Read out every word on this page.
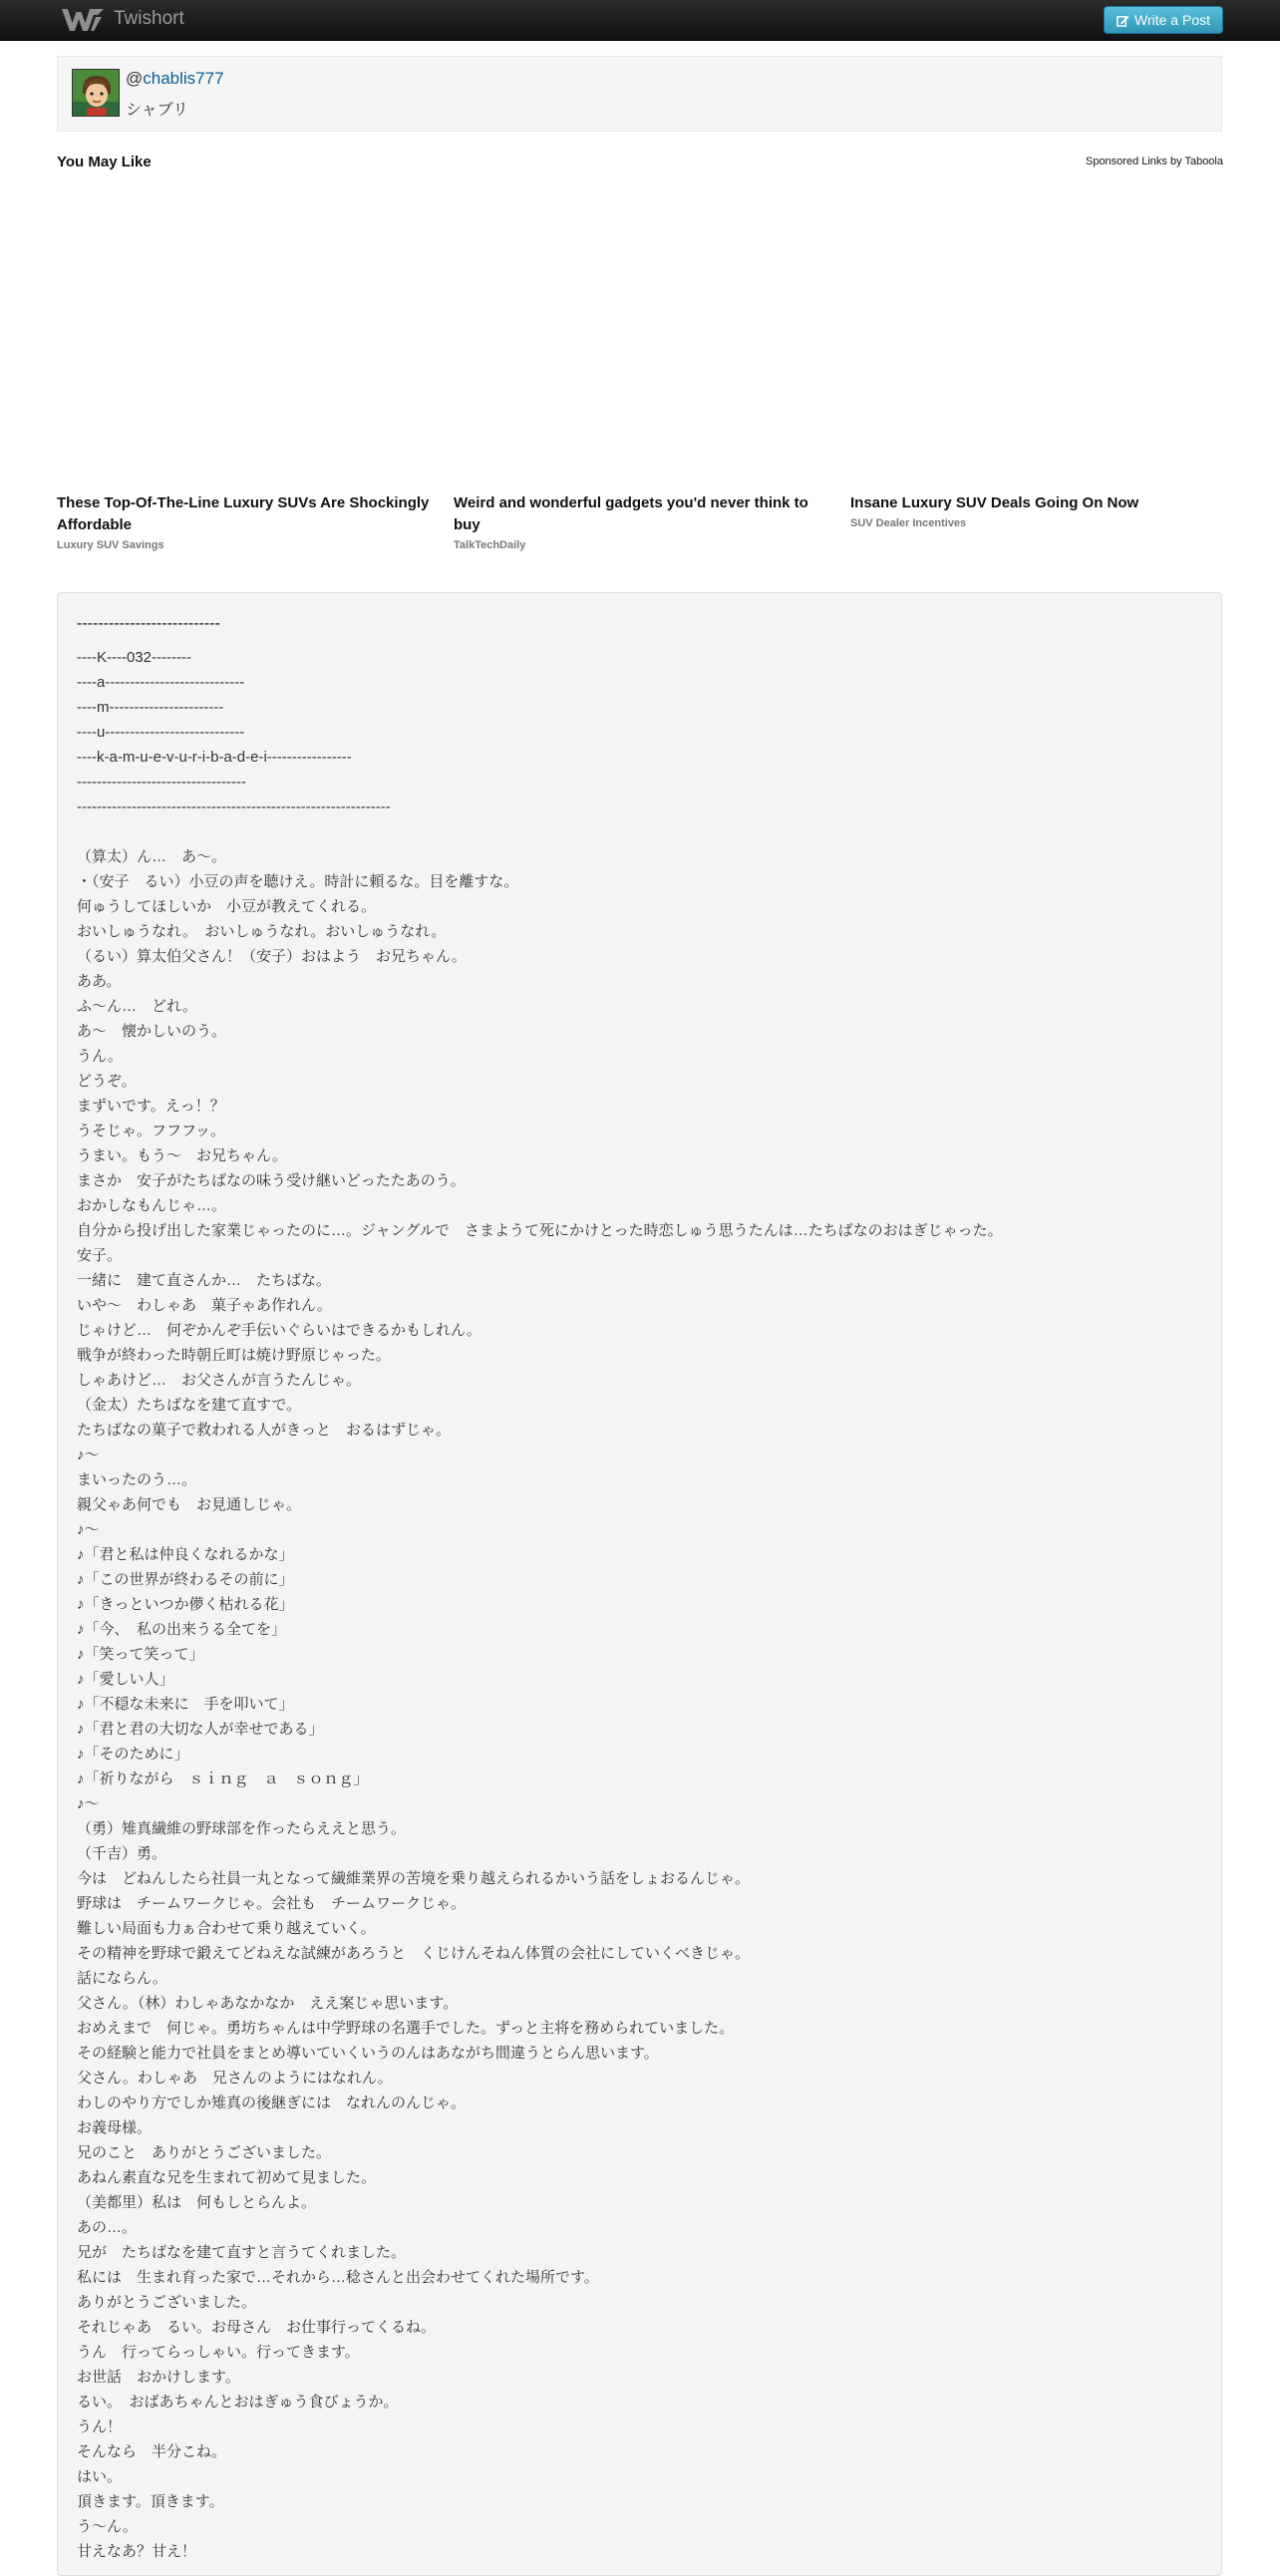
Twishort	Write a Post
@chablis777
シャブリ
You May Like	Sponsored Links by Taboola
These Top-Of-The-Line Luxury SUVs Are Shockingly Affordable
Luxury SUV Savings
Weird and wonderful gadgets you'd never think to buy
TalkTechDaily
Insane Luxury SUV Deals Going On Now
SUV Dealer Incentives
---------------------------
----K----032--------
----a----------------------------
----m-----------------------
----u----------------------------
----k-a-m-u-e-v-u-r-i-b-a-d-e-i-----------------
----------------------------------
---------------------------------------------------------------
（算太）ん…　あ～。
・（安子　るい）小豆の声を聴けえ。時計に頼るな。目を離すな。
何ゅうしてほしいか　小豆が教えてくれる。
おいしゅうなれ。　おいしゅうなれ。おいしゅうなれ。
（るい）算太伯父さん！（安子）おはよう　お兄ちゃん。
ああ。
ふ～ん…　どれ。
あ～　懐かしいのう。
うん。
どうぞ。
まずいです。えっ！？
うそじゃ。フフフッ。
うまい。もう～　お兄ちゃん。
まさか　安子がたちばなの味う受け継いどったたあのう。
おかしなもんじゃ…。
自分から投げ出した家業じゃったのに…。ジャングルで　さまようて死にかけとった時恋しゅう思うたんは…たちばなのおはぎじゃった。
安子。
一緒に　建て直さんか…　たちばな。
いや～　わしゃあ　菓子ゃあ作れん。
じゃけど…　何ぞかんぞ手伝いぐらいはできるかもしれん。
戦争が終わった時朝丘町は焼け野原じゃった。
しゃあけど…　お父さんが言うたんじゃ。
（金太）たちばなを建て直すで。
たちばなの菓子で救われる人がきっと　おるはずじゃ。
♪～
まいったのう…。
親父ゃあ何でも　お見通しじゃ。
♪～
♪「君と私は仲良くなれるかな」
♪「この世界が終わるその前に」
♪「きっといつか儚く枯れる花」
♪「今、　私の出来うる全てを」
♪「笑って笑って」
♪「愛しい人」
♪「不穏な未来に　手を叩いて」
♪「君と君の大切な人が幸せである」
♪「そのために」
♪「祈りながら　ｓｉｎｇ　ａ　ｓｏｎｇ」
♪～
（勇）雉真繊維の野球部を作ったらええと思う。
（千吉）勇。
今は　どねんしたら社員一丸となって繊維業界の苦境を乗り越えられるかいう話をしょおるんじゃ。
野球は　チームワークじゃ。会社も　チームワークじゃ。
難しい局面も力ぁ合わせて乗り越えていく。
その精神を野球で鍛えてどねえな試練があろうと　くじけんそねん体質の会社にしていくべきじゃ。
話にならん。
父さん。（林）わしゃあなかなか　ええ案じゃ思います。
おめえまで　何じゃ。勇坊ちゃんは中学野球の名選手でした。ずっと主将を務められていました。
その経験と能力で社員をまとめ導いていくいうのんはあながち間違うとらん思います。
父さん。わしゃあ　兄さんのようにはなれん。
わしのやり方でしか雉真の後継ぎには　なれんのんじゃ。
お義母様。
兄のこと　ありがとうございました。
あねん素直な兄を生まれて初めて見ました。
（美都里）私は　何もしとらんよ。
あの…。
兄が　たちばなを建て直すと言うてくれました。
私には　生まれ育った家で…それから…稔さんと出会わせてくれた場所です。
ありがとうございました。
それじゃあ　るい。お母さん　お仕事行ってくるね。
うん　行ってらっしゃい。行ってきます。
お世話　おかけします。
るい。　おばあちゃんとおはぎゅう食びょうか。
うん！
そんなら　半分こね。
はい。
頂きます。頂きます。
う～ん。
甘えなあ？甘え！
